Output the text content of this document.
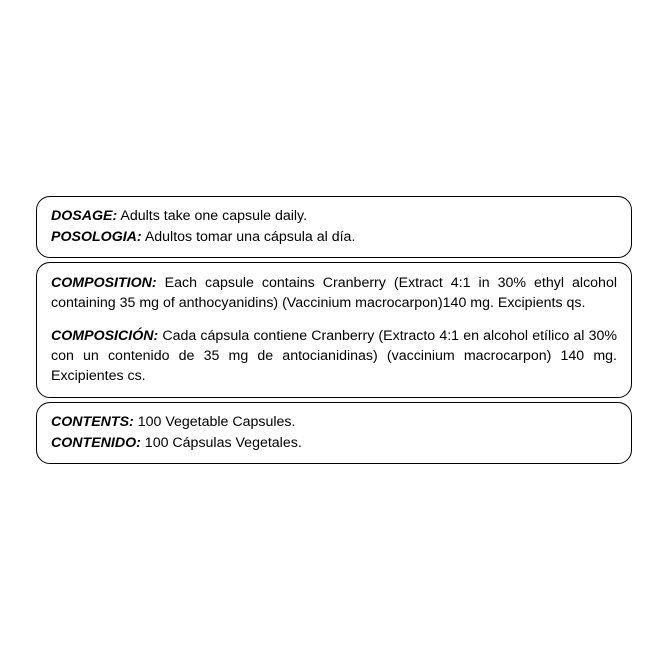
DOSAGE: Adults take one capsule daily.

POSOLOGIA: Adultos tomar una cápsula al día.

COMPOSITION: Each capsule contains Cranberry (Extract 4:1 in 30% ethyl alcohol containing 35 mg of anthocyanidins) (Vaccinium macrocarpon)140 mg. Excipients qs.

COMPOSICIÓN: Cada cápsula contiene Cranberry (Extracto 4:1 en alcohol etílico al 30% con un contenido de 35 mg de antocianidinas) (vaccinium macrocarpon) 140 mg. Excipientes cs.

CONTENTS: 100 Vegetable Capsules.

CONTENIDO: 100 Cápsulas Vegetales.
